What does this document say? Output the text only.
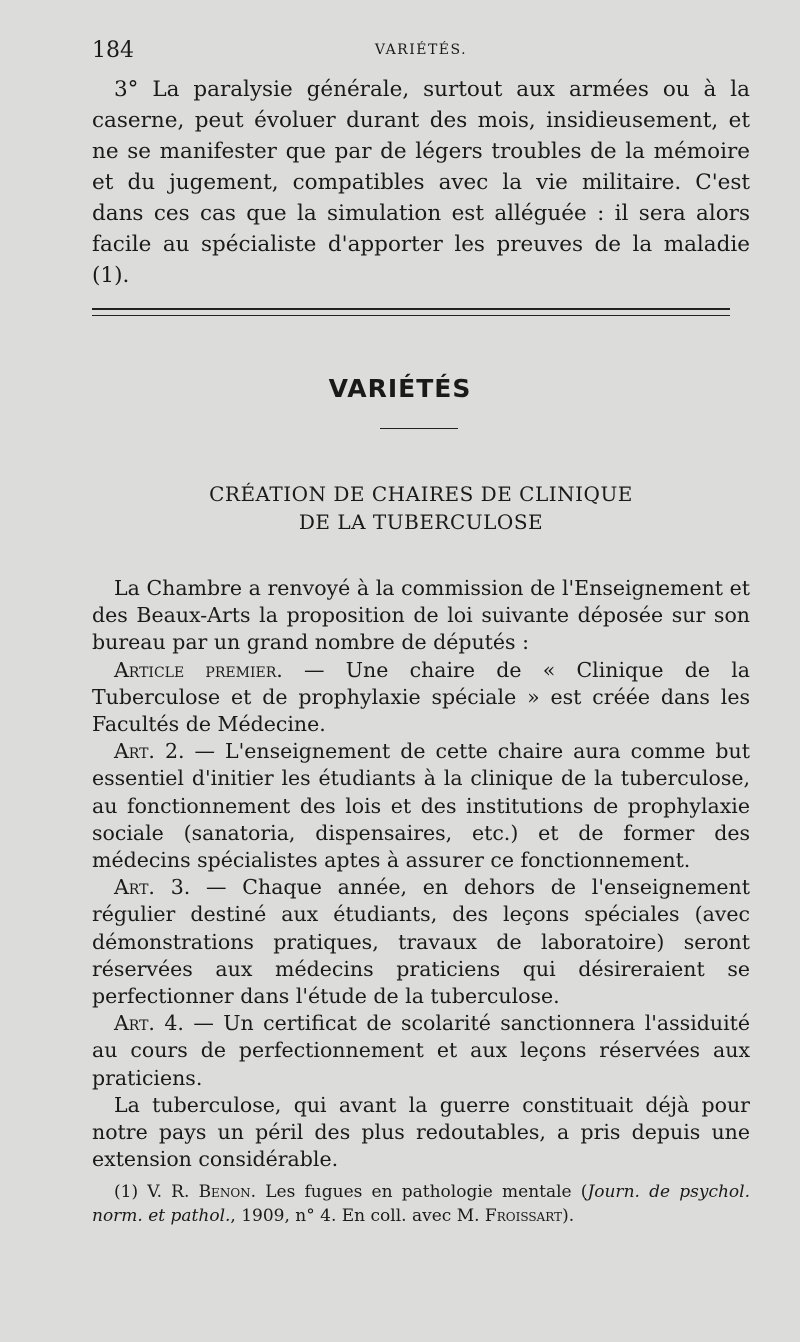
184	VARIÉTÉS.

3° La paralysie générale, surtout aux armées ou à la caserne, peut évoluer durant des mois, insidieusement, et ne se manifester que par de légers troubles de la mémoire et du jugement, compatibles avec la vie militaire. C'est dans ces cas que la simulation est alléguée : il sera alors facile au spécialiste d'apporter les preuves de la maladie (1).

VARIÉTÉS
CRÉATION DE CHAIRES DE CLINIQUE
DE LA TUBERCULOSE

La Chambre a renvoyé à la commission de l'Enseignement et des Beaux-Arts la proposition de loi suivante déposée sur son bureau par un grand nombre de députés :

Article premier. — Une chaire de « Clinique de la Tuberculose et de prophylaxie spéciale » est créée dans les Facultés de Médecine.

Art. 2. — L'enseignement de cette chaire aura comme but essentiel d'initier les étudiants à la clinique de la tuberculose, au fonctionnement des lois et des institutions de prophylaxie sociale (sanatoria, dispensaires, etc.) et de former des médecins spécialistes aptes à assurer ce fonctionnement.

Art. 3. — Chaque année, en dehors de l'enseignement régulier destiné aux étudiants, des leçons spéciales (avec démonstrations pratiques, travaux de laboratoire) seront réservées aux médecins praticiens qui désireraient se perfectionner dans l'étude de la tuberculose.

Art. 4. — Un certificat de scolarité sanctionnera l'assiduité au cours de perfectionnement et aux leçons réservées aux praticiens.

La tuberculose, qui avant la guerre constituait déjà pour notre pays un péril des plus redoutables, a pris depuis une extension considérable.

(1) V. R. Benon. Les fugues en pathologie mentale (Journ. de psychol. norm. et pathol., 1909, n° 4. En coll. avec M. Froissart).
